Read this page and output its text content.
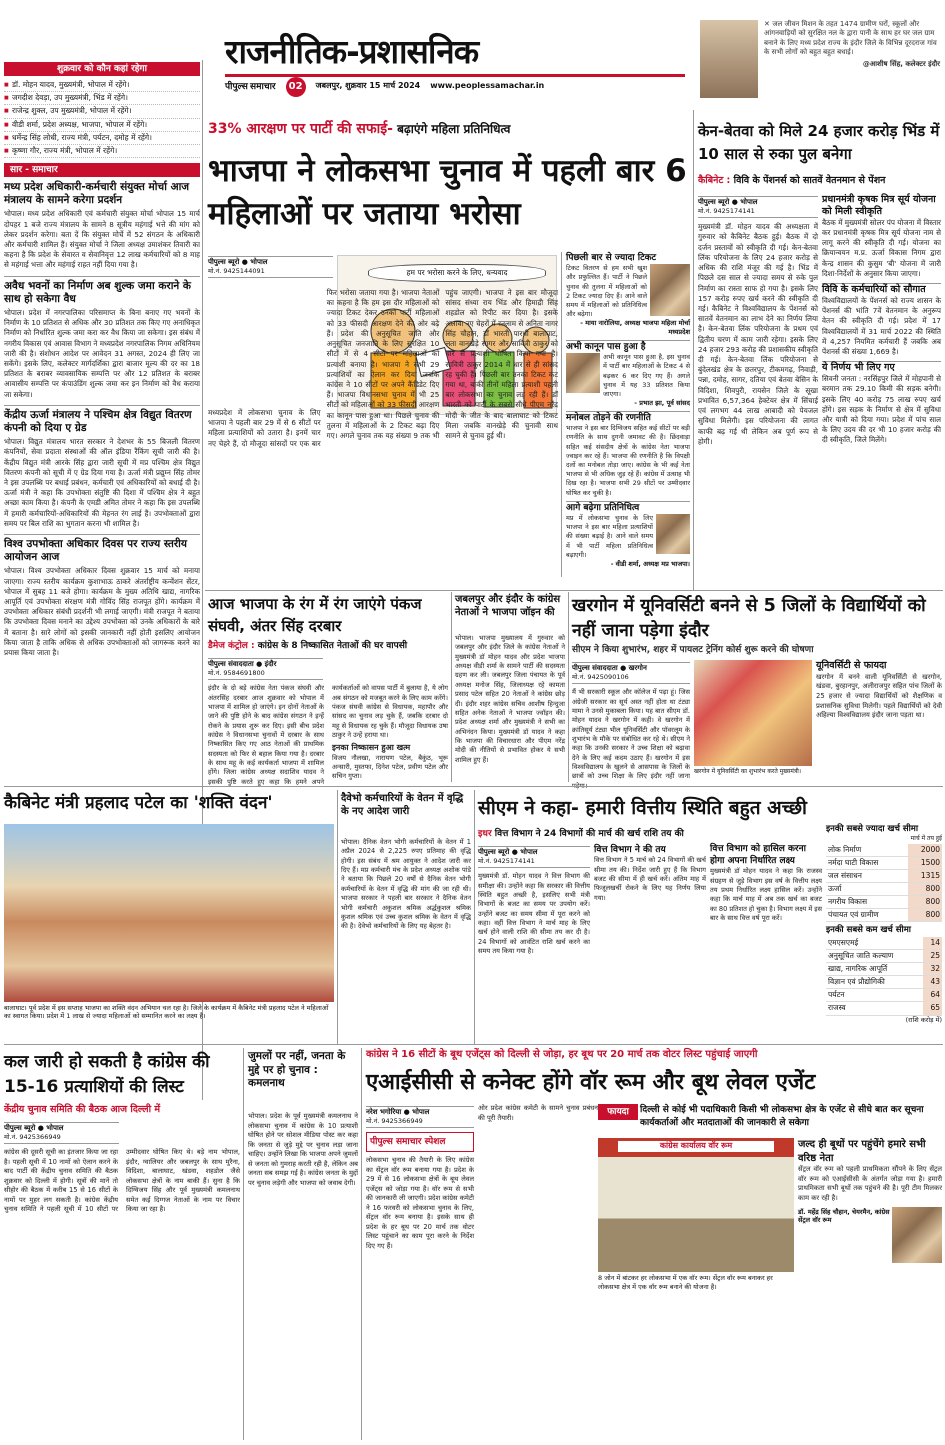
राजनीतिक-प्रशासनिक
पीपुल्स समाचार	02	जबलपुर, शुक्रवार 15 मार्च 2024 www.peoplessamachar.in
✕ जल जीवन मिशन के तहत 1474 ग्रामीण घरों, स्कूलों और आंगनवाड़ियों को सुरक्षित नल के द्वारा पानी के साथ हर घर जल ग्राम बनाने के लिए मध्य प्रदेश राज्य के इंदौर जिले के विभिन्न दूरदराज गांव के सभी लोगों को बहुत बहुत बधाई।
@आशीष सिंह, कलेक्टर इंदौर
शुक्रवार को कौन कहां रहेगा
■ डॉ. मोहन यादव, मुख्यमंत्री, भोपाल में रहेंगे।
■ जगदीश देवड़ा, उप मुख्यमंत्री, भिंड में रहेंगे।
■ राजेन्द्र शुक्ल, उप मुख्यमंत्री, भोपाल में रहेंगे।
■ वीडी शर्मा, प्रदेश अध्यक्ष, भाजपा, भोपाल में रहेंगे।
■ धर्मेन्द्र सिंह लोधी, राज्य मंत्री, पर्यटन, दमोह में रहेंगे।
■ कृष्णा गौर, राज्य मंत्री, भोपाल में रहेंगे।
सार - समाचार
मध्य प्रदेश अधिकारी-कर्मचारी संयुक्त मोर्चा आज मंत्रालय के सामने करेगा प्रदर्शन
भोपाल। मध्य प्रदेश अधिकारी एवं कर्मचारी संयुक्त मोर्चा भोपाल 15 मार्च दोपहर 1 बजे राज्य मंत्रालय के सामने 8 सूत्रीय महंगाई भत्ते की मांग को लेकर प्रदर्शन करेगा। बता दें कि संयुक्त मोर्चे में 52 संगठन के अधिकारी और कर्मचारी शामिल हैं। संयुक्त मोर्चा ने जिला अध्यक्ष उमाशंकर तिवारी का कहना है कि प्रदेश के सेवारत व सेवानिवृत्त 12 लाख कर्मचारियों को 8 माह से महंगाई भत्ता और महंगाई राहत नहीं दिया गया है।
अवैध भवनों का निर्माण अब शुल्क जमा कराने के साथ हो सकेगा वैध
भोपाल। प्रदेश में नगरपालिका परिसमाप्त के बिना बनाए गए भवनों के निर्माण के 10 प्रतिशत से अधिक और 30 प्रतिशत तक किए गए अनाधिकृत निर्माण को निर्धारित शुल्क जमा करा कर वैध किया जा सकेगा। इस संबंध में नगरीय विकास एवं आवास विभाग ने मध्यप्रदेश नगरपालिक निगम अधिनियम जारी की है। संशोधन आदेश पर आवेदन 31 अगस्त, 2024 ही लिए जा सकेंगे। इसके लिए, कलेक्टर मार्गदर्शिका द्वारा बाजार मूल्य की दर का 18 प्रतिशत के बराबर व्यावसायिक सम्पत्ति पर और 12 प्रतिशत के बराबर आवासीय सम्पत्ति पर कंपाउंडिंग शुल्क जमा कर इन निर्माण को वैध कराया जा सकेगा।
केंद्रीय ऊर्जा मंत्रालय ने पश्चिम क्षेत्र विद्युत वितरण कंपनी को दिया ए ग्रेड
भोपाल। विद्युत मंत्रालय भारत सरकार ने देशभर के 55 बिजली वितरण कंपनियों, सेवा प्रदाता संस्थाओं की ऑल इंडिया रैंकिंग सूची जारी की है। केंद्रीय विद्युत मंत्री आरके सिंह द्वारा जारी सूची में मप्र पश्चिम क्षेत्र विद्युत वितरण कंपनी को सूची में ए ग्रेड दिया गया है। ऊर्जा मंत्री प्रद्युम्न सिंह तोमर ने इस उपलब्धि पर बधाई प्रबंधन, कर्मचारी एवं अधिकारियों को बधाई दी है। ऊर्जा मंत्री ने कहा कि उपभोक्ता संतुष्टि की दिशा में पश्चिम क्षेत्र ने बहुत अच्छा काम किया है। कंपनी के एमडी अमित तोमर ने कहा कि इस उपलब्धि में हमारी कर्मचारियों-अधिकारियों की मेहनत रंग लाई हैं। उपभोक्ताओं द्वारा समय पर बिल राशि का भुगतान करना भी शामिल है।
विश्व उपभोक्ता अधिकार दिवस पर राज्य स्तरीय आयोजन आज
भोपाल। विश्व उपभोक्ता अधिकार दिवस शुक्रवार 15 मार्च को मनाया जाएगा। राज्य स्तरीय कार्यक्रम कुशाभाऊ ठाकरे अंतर्राष्ट्रीय कन्वेंशन सेंटर, भोपाल में सुबह 11 बजे होगा। कार्यक्रम के मुख्य अतिथि खाद्य, नागरिक आपूर्ति एवं उपभोक्ता संरक्षण मंत्री गोविंद सिंह राजपूत होंगे। कार्यक्रम में उपभोक्ता अधिकार संबंधी प्रदर्शनी भी लगाई जाएगी। मंत्री राजपूत ने बताया कि उपभोक्ता दिवस मनाने का उद्देश्य उपभोक्ता को उनके अधिकारों के बारे में बताना है। सारे लोगों को इसकी जानकारी नहीं होती इसलिए आयोजन किया जाता है ताकि अधिक से अधिक उपभोक्ताओं को जागरूक करने का प्रयास किया जाता है।
33% आरक्षण पर पार्टी की सफाई- बढ़ाएंगे महिला प्रतिनिधित्व
भाजपा ने लोकसभा चुनाव में पहली बार 6 महिलाओं पर जताया भरोसा
पीपुल्स ब्यूरो ● भोपाल
मो.नं. 9425144091	हम पर भरोसा करने के लिए, धन्यवाद
मध्यप्रदेश में लोकसभा चुनाव के लिए भाजपा ने पहली बार 29 में से 6 सीटों पर महिला प्रत्याशियों को उतारा है। इनमें चार नए चेहरे हैं, दो मौजूदा सांसदों पर एक बार फिर भरोसा जताया गया है। भाजपा नेताओं का कहना है कि हम इस दौर महिलाओं को ज्यादा टिकट देकर उनको पार्टी महिलाओं को 33 फीसदी आरक्षण देने की ओर बढ़े हैं। प्रदेश की अनुसूचित जाति और अनुसूचित जनजाति के लिए सुरक्षित 10 सीटों में से 4 सीटों पर महिलाओं को प्रत्याशी बनाया है। भाजपा ने सभी 29 प्रत्याशियों का ऐलान कर दिया जबकि कांग्रेस ने 10 सीटों पर अपने कैंडिडेट दिए हैं। भाजपा विधानसभा चुनाव में भी 25 सीटों को महिलाओं को 33 फीसदी आरक्षण का कानून पास हुआ था। पिछले चुनाव की तुलना में महिलाओं के 2 टिकट बढ़ा दिए गए। अगले चुनाव तक यह संख्या 9 तक भी पहुंच जाएगी। भाजपा ने इस बार मौजूदा सांसद संध्या राय भिंड और हिमाद्री सिंह शहडोल को रिपीट कर दिया है। इसके अलावा नए चेहरों में रतलाम से अनिता नागर सिंह चौहान, डॉ भारती पारधी बालाघाट, लता वानखेड़े सागर और सावित्री ठाकुर को धार से प्रत्याशी घोषित किया गया है। सावित्री ठाकुर 2014 में धार से ही सांसद रह चुकी हैं। पिछली बार उनका टिकट कट गया था, बाकी तीनों महिला प्रत्याशी पहली बार लोकसभा का चुनाव लड़ रही हैं। डॉ भारती को पार्टी के सबसे सीधे पीएम नरेंद्र मोदी के जीत के बाद बालाघाट को टिकट मिला जबकि वानखेड़े की चुनावी साथ सामने से चुनाव हुई थी।
पिछली बार से ज्यादा टिकट
टिकट वितरण से हम सभी खुश और प्रफुल्लित हैं। पार्टी ने पिछले चुनाव की तुलना में महिलाओं को 2 टिकट ज्यादा दिए हैं। आने वाले समय में महिलाओं को प्रतिनिधित्व और बढ़ेगा।
- माया नारोलिया, अध्यक्ष भाजपा महिला मोर्चा मध्यप्रदेश
अभी कानून पास हुआ है
अभी कानून पास हुआ है, इस चुनाव में पार्टी बार महिलाओं के टिकट 4 से बढ़कर 6 कर दिए गए हैं। अगले चुनाव में यह 33 प्रतिशत किया जाएगा।
- प्रभात झा, पूर्व सांसद
मनोबल तोड़ने की रणनीति
भाजपा ने इस बार दिग्विजय सहित कई सीटों पर बड़ी रणनीति के साथ दुगनी जमावट की है। छिंदवाड़ा सहित कई संसदीय क्षेत्रों के कांग्रेस नेता भाजपा ज्वाइन कर रहे हैं। भाजपा की रणनीति है कि विपक्षी दलों का मनोबल तोड़ा जाए। कांग्रेस के भी कई नेता भाजपा से भी अधिक जुड़ रहे हैं। कांग्रेस में उत्साह भी दिख रहा है। भाजपा सभी 29 सीटों पर उम्मीदवार घोषित कर चुकी है।
आगे बढ़ेगा प्रतिनिधित्व
मप्र में लोकसभा चुनाव के लिए भाजपा ने इस बार महिला प्रत्याशियों की संख्या बढ़ाई है। आने वाले समय में भी पार्टी महिला प्रतिनिधित्व बढ़ाएगी।
- वीडी शर्मा, अध्यक्ष मप्र भाजपा।
केन-बेतवा को मिले 24 हजार करोड़ भिंड में 10 साल से रुका पुल बनेगा
कैबिनेट : विवि के पेंशनर्स को सातवें वेतनमान से पेंशन
पीपुल्स ब्यूरो ● भोपाल
मो.नं. 9425174141
मुख्यमंत्री डॉ. मोहन यादव की अध्यक्षता में गुरुवार को कैबिनेट बैठक हुई। बैठक में दो दर्जन प्रस्तावों को स्वीकृति दी गई। केन-बेतवा लिंक परियोजना के लिए 24 हजार करोड़ से अधिक की राशि मंजूर की गई है। भिंड में पिछले दस साल से ज्यादा समय से रुके पुल निर्माण का रास्ता साफ हो गया है। इसके लिए 157 करोड़ रुपए खर्च करने की स्वीकृति दी गई। कैबिनेट ने विश्वविद्यालय के पेंशनर्स को सातवें वेतनमान का लाभ देने का निर्णय लिया है। केन-बेतवा लिंक परियोजना के प्रथम एवं द्वितीय चरण में काम जारी रहेगा। इसके लिए 24 हजार 293 करोड़ की प्रशासकीय स्वीकृति दी गई। केन-बेतवा लिंक परियोजना से बुंदेलखंड क्षेत्र के छतरपुर, टीकमगढ़, निवाड़ी, पन्ना, दमोह, सागर, दतिया एवं बेतवा बेसिन के विदिशा, शिवपुरी, रायसेन जिले के सूखा प्रभावित 6,57,364 हेक्टेयर क्षेत्र में सिंचाई एवं लगभग 44 लाख आबादी को पेयजल सुविधा मिलेगी। इस परियोजना की लागत काफी बढ़ गई थी लेकिन अब पूर्ण रूप से होगी।
प्रधानमंत्री कृषक मित्र सूर्य योजना को मिली स्वीकृति
बैठक में मुख्यमंत्री सोलर पंप योजना में विस्तार कर प्रधानमंत्री कृषक मित्र सूर्य योजना नाम से लागू करने की स्वीकृति दी गई। योजना का क्रियान्वयन म.प्र. ऊर्जा विकास निगम द्वारा केन्द्र शासन की कुसुम 'बी' योजना में जारी दिशा-निर्देशों के अनुसार किया जाएगा।
विवि के कर्मचारियों को सौगात
विश्वविद्यालयों के पेंशनर्स को राज्य शासन के पेंशनर्स की भांति 7वें वेतनमान के अनुरूप वेतन की स्वीकृति दी गई। प्रदेश में 17 विश्वविद्यालयों में 31 मार्च 2022 की स्थिति में 4,257 नियमित कर्मचारी हैं जबकि अब पेंशनर्स की संख्या 1,669 है।
ये निर्णय भी लिए गए
सिवनी जनता : नरसिंहपुर जिले में मोहपानी से बरमान तक 29.10 किमी की सड़क बनेगी। इसके लिए 40 करोड़ 75 लाख रुपए खर्च होंगे। इस सड़क के निर्माण से क्षेत्र में सुविधा और यात्री को दिया गया। प्रदेश में पांच साल के लिए उदय की दर भी 10 हजार करोड़ की दी स्वीकृति, जिले मिलेंगे।
आज भाजपा के रंग में रंग जाएंगे पंकज संघवी, अंतर सिंह दरबार
डैमेज कंट्रोल : कांग्रेस के 8 निष्कासित नेताओं की घर वापसी
पीपुल्स संवाददाता ● इंदौर
मो.नं. 9584691800
इंदौर के दो बड़े कांग्रेस नेता पंकज संघवी और अंतरसिंह दरबार आज शुक्रवार को भोपाल में भाजपा में शामिल हो जाएंगे। इन दोनों नेताओं के जाने की पुष्टि होने के बाद कांग्रेस संगठन ने इन्हें रोकने के प्रयास शुरू कर दिए। इसी बीच प्रदेश कांग्रेस ने विधानसभा चुनावों में दरबार के साथ निष्कासित किए गए आठ नेताओं की प्राथमिक सदस्यता को फिर से बहाल किया गया है। दरबार के साथ महू के कई कार्यकर्ता भाजपा में शामिल होंगे। जिला कांग्रेस अध्यक्ष सदाशिव यादव ने इसकी पुष्टि करते हुए कहा कि हमने अपने कार्यकर्ताओं को वापस पार्टी में बुलाया है, ये लोग अब संगठन को मजबूत करने के लिए काम करेंगे। पंकज संघवी कांग्रेस से विधायक, महापौर और सांसद का चुनाव लड़ चुके हैं, जबकि दरबार दो महू से विधायक रह चुके हैं। मौजूदा विधायक उषा ठाकुर ने उन्हें हराया था।
इनका निष्कासन हुआ खत्म
विजय नौलखा, नारायण पटेल, बैकुंठ, भूरू अन्सारी, मुस्तफा, दिनेश पटेल, प्रवीण पटेल और सचिन गुप्ता।
जबलपुर और इंदौर के कांग्रेस नेताओं ने भाजपा जॉइन की
भोपाल। भाजपा मुख्यालय में गुरुवार को जबलपुर और इंदौर जिले के कांग्रेस नेताओं ने मुख्यमंत्री डॉ मोहन यादव और प्रदेश भाजपा अध्यक्ष वीडी शर्मा के सामने पार्टी की सदस्यता ग्रहण कर ली। जबलपुर जिला पंचायत के पूर्व अध्यक्ष मनोज सिंह, जिलाध्यक्ष रहे कामता प्रसाद पटेल सहित 20 नेताओं ने कांग्रेस छोड़ दी। इंदौर शहर कांग्रेस सचिव आशीष हिन्दुजा सहित अनेक नेताओं ने भाजपा ज्वॉइन की। प्रदेश अध्यक्ष शर्मा और मुख्यमंत्री ने सभी का अभिनंदन किया। मुख्यमंत्री डॉ यादव ने कहा कि भाजपा की विचारधारा और पीएम नरेंद्र मोदी की नीतियों से प्रभावित होकर ये सभी शामिल हुए हैं।
खरगोन में यूनिवर्सिटी बनने से 5 जिलों के विद्यार्थियों को नहीं जाना पड़ेगा इंदौर
सीएम ने किया शुभारंभ, शहर में पायलट ट्रेनिंग कोर्स शुरू करने की घोषणा
पीपुल्स संवाददाता ● खरगोन
मो.नं. 9425090106
मैं भी सरकारी स्कूल और कॉलेज में पढ़ा हूं। जिस अंग्रेजी सरकार का सूर्य अस्त नहीं होता था टंट्या मामा ने उनसे मुकाबला किया। यह बात सीएम डॉ. मोहन यादव ने खरगोन में कही। वे खरगोन में क्रांतिसूर्य टंट्या भील यूनिवर्सिटी और पॉवरलूम के शुभारंभ के मौके पर संबोधित कर रहे थे। सीएम ने कहा कि उनकी सरकार ने उच्च शिक्षा को बढ़ावा देने के लिए कई कदम उठाए हैं। खरगोन में इस विश्वविद्यालय के खुलने से आसपास के जिलों के छात्रों को उच्च शिक्षा के लिए इंदौर नहीं जाना
खरगोन में यूनिवर्सिटी का शुभारंभ करते मुख्यमंत्री।
यूनिवर्सिटी से फायदा
खरगोन में बनने वाली यूनिवर्सिटी से खरगोन, खंडवा, बुरहानपुर, अलीराजपुर सहित पांच जिलों के 25 हजार से ज्यादा विद्यार्थियों को शैक्षणिक व प्रशासनिक सुविधा मिलेगी। पहले विद्यार्थियों को देवी अहिल्या विश्वविद्यालय इंदौर जाना पड़ता था।
कैबिनेट मंत्री प्रहलाद पटेल का 'शक्ति वंदन'
बालाघाट। पूर्व प्रदेश में इस सप्ताह भाजपा का शक्ति वंदन अभियान चल रहा है। जिले के कार्यक्रम में कैबिनेट मंत्री प्रहलाद पटेल ने महिलाओं का स्वागत किया। प्रदेश में 1 लाख से ज्यादा महिलाओं को सम्मानित करने का लक्ष्य है।
दैवेभो कर्मचारियों के वेतन में वृद्धि के नए आदेश जारी
भोपाल। दैनिक वेतन भोगी कर्मचारियों के वेतन में 1 अप्रैल 2024 से 2,225 रुपए प्रतिमाह की वृद्धि होगी। इस संबंध में श्रम आयुक्त ने आदेश जारी कर दिए हैं। मप्र कर्मचारी मंच के प्रदेश अध्यक्ष अशोक पांडे ने बताया कि पिछले 20 वर्षों से दैनिक वेतन भोगी कर्मचारियों के वेतन में वृद्धि की मांग की जा रही थी। भाजपा सरकार ने पहली बार सरकार ने दैनिक वेतन भोगी कर्मचारी अकुशल श्रमिक अर्द्धकुशल श्रमिक कुशल श्रमिक एवं उच्च कुशल श्रमिक के वेतन में वृद्धि की है। देवेभो कर्मचारियों के लिए यह बेहतर है।
सीएम ने कहा- हमारी वित्तीय स्थिति बहुत अच्छी
इधर वित्त विभाग ने 24 विभागों की मार्च की खर्च राशि तय की
पीपुल्स ब्यूरो ● भोपाल
मो.नं. 9425174141
मुख्यमंत्री डॉ. मोहन यादव ने वित्त विभाग की समीक्षा की। उन्होंने कहा कि सरकार की वित्तीय स्थिति बहुत अच्छी है, इसलिए सभी मंत्री विभागों के बजट का समय पर उपयोग करें। उन्होंने बजट का समय सीमा में पूरा करने को कहा। वहीं वित्त विभाग ने मार्च माह के लिए खर्च होने वाली राशि की सीमा तय कर दी है। 24 विभागों को आवंटित राशि खर्च करने का समय तय किया गया है।
वित्त विभाग ने की तय
वित्त विभाग ने 5 मार्च को 24 विभागों की खर्च सीमा तय की। निर्देश जारी हुए हैं कि विभाग बजट की सीमा में ही खर्च करें। अंतिम माह में फिजूलखर्ची रोकने के लिए यह निर्णय लिया गया।
वित्त विभाग को हासिल करना होगा अपना निर्धारित लक्ष्य
मुख्यमंत्री डॉ मोहन यादव ने कहा कि राजस्व संग्रहण से जुड़े विभाग इस वर्ष के वित्तीय लक्ष्य तय प्रथम निर्धारित लक्ष्य हासिल करें। उन्होंने कहा कि मार्च माह में अब तक खर्च का बजट का 80 प्रतिशत हो चुका है। विभाग लक्ष्य में इस बार के साथ वित्त वर्ष पूरा करें।
इनकी सबसे ज्यादा खर्च सीमा
मार्च में तय हुई
लोक निर्माण	2000
नर्मदा घाटी विकास	1500
जल संसाधन	1315
ऊर्जा	800
नगरीय विकास	800
पंचायत एवं ग्रामीण	800
इनकी सबसे कम खर्च सीमा
एमएसएमई	14
अनुसूचित जाति कल्याण	25
खाद्य, नागरिक आपूर्ति	32
विज्ञान एवं प्रौद्योगिकी	43
पर्यटन	64
राजस्व	65
(राशि करोड़ में)
कल जारी हो सकती है कांग्रेस की 15-16 प्रत्याशियों की लिस्ट
केंद्रीय चुनाव समिति की बैठक आज दिल्ली में
पीपुल्स ब्यूरो ● भोपाल
मो.नं. 9425366949
कांग्रेस की दूसरी सूची का इंतजार किया जा रहा है। पहली सूची में 10 नामों को ऐलान करने के बाद पार्टी की केंद्रीय चुनाव समिति की बैठक शुक्रवार को दिल्ली में होगी। सूत्रों की मानें तो सीहोर की बैठक में करीब 15 से 16 सीटों के नामों पर मुहर लग सकती है। कांग्रेस केंद्रीय चुनाव समिति ने पहली सूची में 10 सीटों पर उम्मीदवार घोषित किए थे। बड़े नाम भोपाल, इंदौर, ग्वालियर और जबलपुर के साथ मुरैना, विदिशा, बालाघाट, खंडवा, शहडोल जैसे लोकसभा क्षेत्रों के नाम बाकी हैं। सुना है कि दिग्विजय सिंह और पूर्व मुख्यमंत्री कमलनाथ समेत कई दिग्गज नेताओं के नाम पर विचार किया जा रहा है।
जुमलों पर नहीं, जनता के मुद्दे पर हो चुनाव : कमलनाथ
भोपाल। प्रदेश के पूर्व मुख्यमंत्री कमलनाथ ने लोकसभा चुनाव में कांग्रेस के 10 प्रत्याशी घोषित होने पर सोशल मीडिया पोस्ट कर कहा कि जनता से जुड़े मुद्दे पर चुनाव लड़ा जाना चाहिए। उन्होंने लिखा कि भाजपा अपने जुमलों से जनता को गुमराह करती रही है, लेकिन अब जनता सब समझ गई है। कांग्रेस जनता के मुद्दों पर चुनाव लड़ेगी और भाजपा को जवाब देगी।
कांग्रेस ने 16 सीटों के बूथ एजेंट्स को दिल्ली से जोड़ा, हर बूथ पर 20 मार्च तक वोटर लिस्ट पहुंचाई जाएगी
एआईसीसी से कनेक्ट होंगे वॉर रूम और बूथ लेवल एजेंट
नरेश भगोरिया ● भोपाल
मो.नं. 9425366949
पीपुल्स समाचार स्पेशल
लोकसभा चुनाव की तैयारी के लिए कांग्रेस का सेंट्रल वॉर रूम बनाया गया है। प्रदेश के 29 में से 16 लोकसभा क्षेत्रों के बूथ लेवल एजेंट्स को जोड़ा गया है। वॉर रूम से सभी की जानकारी ली जाएगी। प्रदेश कांग्रेस कमेटी ने 16 फरवरी को लोकसभा चुनाव के लिए, सेंट्रल वॉर रूम बनाया है। इसके साथ ही प्रदेश के हर बूथ पर 20 मार्च तक वोटर लिस्ट पहुंचाने का काम पूरा करने के निर्देश दिए गए हैं।
ओर प्रदेश कांग्रेस कमेटी के सामने चुनाव प्रबंधन की पूरी तैयारी।
फायदा	दिल्ली से कोई भी पदाधिकारी किसी भी लोकसभा क्षेत्र के एजेंट से सीधे बात कर सूचना कार्यकर्ताओं और मतदाताओं की जानकारी ले सकेगा
कांग्रेस कार्यालय वॉर रूम
8 जोन में बांटकर हर लोकसभा में एक वॉर रूम। सेंट्रल वॉर रूम बनाकर हर लोकसभा क्षेत्र में एक वॉर रूम बनाने की योजना है।
जल्द ही बूथों पर पहुंचेंगे हमारे सभी वरिष्ठ नेता
सेंट्रल वॉर रूम को पहली प्राथमिकता सौंपने के लिए सेंट्रल वॉर रूम को एआईसीसी के अंतर्गत जोड़ा गया है। हमारी प्राथमिकता सभी बूथों तक पहुंचने की है। पूरी टीम मिलकर काम कर रही है।
डॉ. महेंद्र सिंह चौहान, चेयरमैन, कांग्रेस सेंट्रल वॉर रूम
